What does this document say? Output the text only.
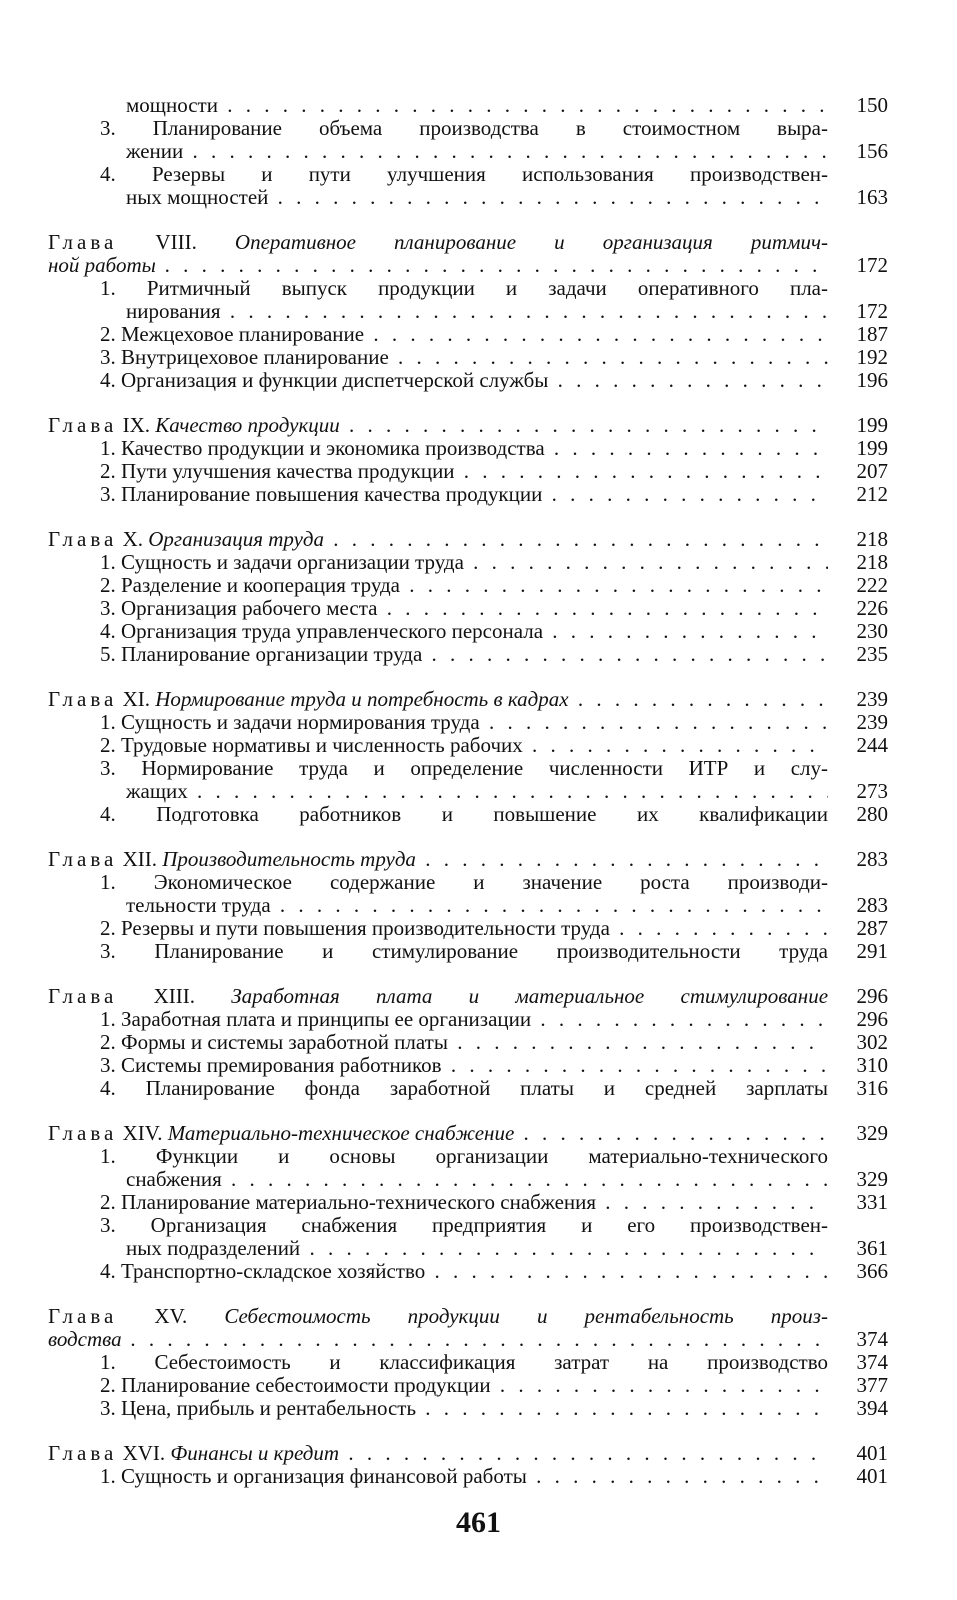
мощности . . .	150
3. Планирование объема производства в стоимостном выра-
жении . . .	156
4. Резервы и пути улучшения использования производствен-
ных мощностей . . .	163
Глава VIII. Оперативное планирование и организация ритмич-
ной работы . . .	172
1. Ритмичный выпуск продукции и задачи оперативного пла-
нирования . . .	172
2. Межцеховое планирование . . .	187
3. Внутрицеховое планирование . . .	192
4. Организация и функции диспетчерской службы . . .	196
Глава IX. Качество продукции . . .	199
1. Качество продукции и экономика производства . . .	199
2. Пути улучшения качества продукции . . .	207
3. Планирование повышения качества продукции . . .	212
Глава X. Организация труда . . .	218
1. Сущность и задачи организации труда . . .	218
2. Разделение и кооперация труда . . .	222
3. Организация рабочего места . . .	226
4. Организация труда управленческого персонала . . .	230
5. Планирование организации труда . . .	235
Глава XI. Нормирование труда и потребность в кадрах . . .	239
1. Сущность и задачи нормирования труда . . .	239
2. Трудовые нормативы и численность рабочих . . .	244
3. Нормирование труда и определение численности ИТР и слу-
жащих . . .	273
4. Подготовка работников и повышение их квалификации	280
Глава XII. Производительность труда . . .	283
1. Экономическое содержание и значение роста производи-
тельности труда . . .	283
2. Резервы и пути повышения производительности труда . . .	287
3. Планирование и стимулирование производительности труда	291
Глава XIII. Заработная плата и материальное стимулирование	296
1. Заработная плата и принципы ее организации . . .	296
2. Формы и системы заработной платы . . .	302
3. Системы премирования работников . . .	310
4. Планирование фонда заработной платы и средней зарплаты	316
Глава XIV. Материально-техническое снабжение . . .	329
1. Функции и основы организации материально-технического
снабжения . . .	329
2. Планирование материально-технического снабжения . . .	331
3. Организация снабжения предприятия и его производствен-
ных подразделений . . .	361
4. Транспортно-складское хозяйство . . .	366
Глава XV. Себестоимость продукции и рентабельность произ-
водства . . .	374
1. Себестоимость и классификация затрат на производство	374
2. Планирование себестоимости продукции . . .	377
3. Цена, прибыль и рентабельность . . .	394
Глава XVI. Финансы и кредит . . .	401
1. Сущность и организация финансовой работы . . .	401
461
